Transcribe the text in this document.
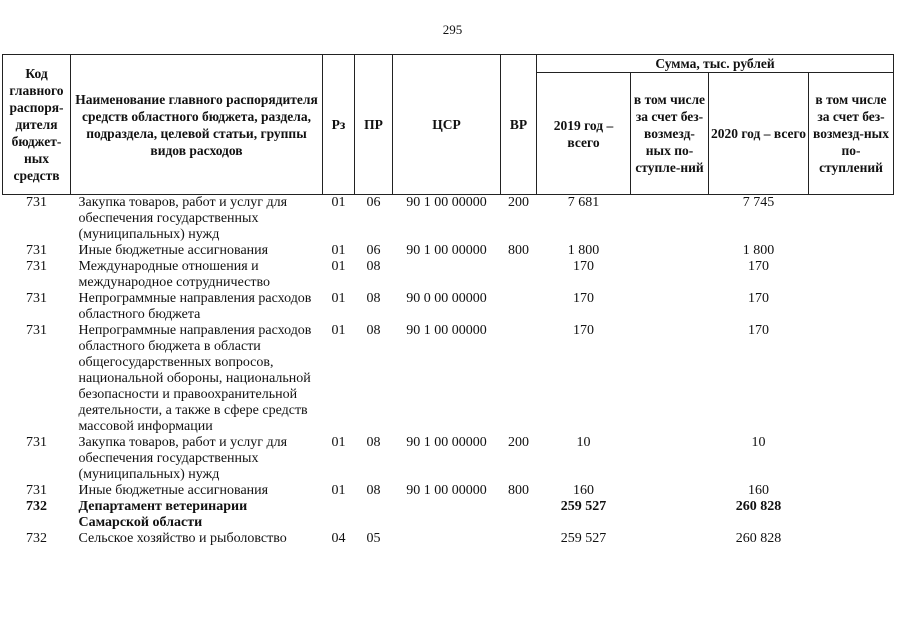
295
Код главного распоря-дителя бюджет-ных средств	Наименование главного распорядителя средств областного бюджета, раздела, подраздела, целевой статьи, группы видов расходов	Рз	ПР	ЦСР	ВР	Сумма, тыс. рублей			
						2019 год – всего	в том числе за счет без-возмезд-ных по-ступле-ний	2020 год – всего	в том числе за счет без-возмезд-ных по-ступлений
731	Закупка товаров, работ и услуг для обеспечения государственных (муниципальных) нужд	01	06	90 1 00 00000	200	7 681		7 745	
731	Иные бюджетные ассигнования	01	06	90 1 00 00000	800	1 800		1 800	
731	Международные отношения и международное сотрудничество	01	08			170		170	
731	Непрограммные направления расходов областного бюджета	01	08	90 0 00 00000		170		170	
731	Непрограммные направления расходов областного бюджета в области общегосударственных вопросов, национальной обороны, национальной безопасности и правоохранительной деятельности, а также в сфере средств массовой информации	01	08	90 1 00 00000		170		170	
731	Закупка товаров, работ и услуг для обеспечения государственных (муниципальных) нужд	01	08	90 1 00 00000	200	10		10	
731	Иные бюджетные ассигнования	01	08	90 1 00 00000	800	160		160	
732	Департамент ветеринарии Самарской области					259 527		260 828	
732	Сельское хозяйство и рыболовство	04	05			259 527		260 828	
